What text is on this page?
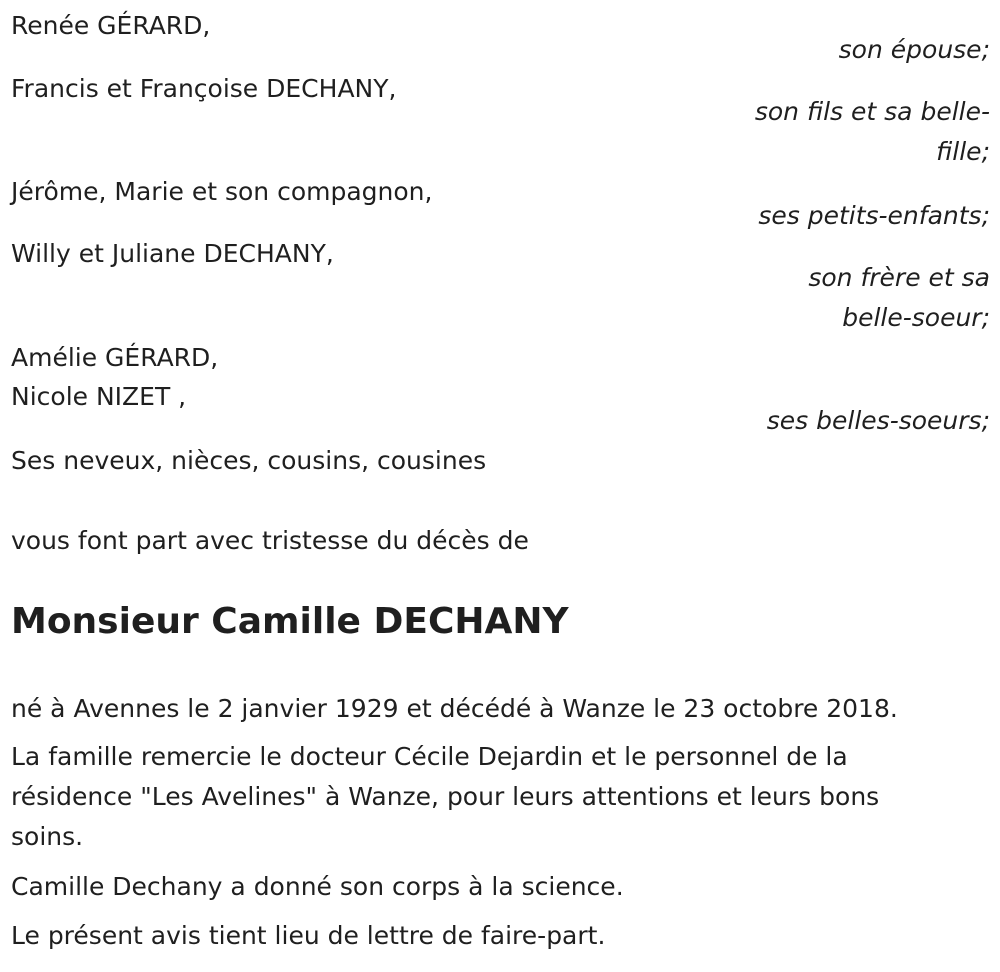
Renée GÉRARD,
son épouse;
Francis et Françoise DECHANY,
son fils et sa belle-
fille;
Jérôme, Marie et son compagnon,
ses petits-enfants;
Willy et Juliane DECHANY,
son frère et sa
belle-soeur;
Amélie GÉRARD,
Nicole NIZET ,
ses belles-soeurs;
Ses neveux, nièces, cousins, cousines
vous font part avec tristesse du décès de
Monsieur Camille DECHANY
né à Avennes le 2 janvier 1929 et décédé à Wanze le 23 octobre 2018.
La famille remercie le docteur Cécile Dejardin et le personnel de la
résidence "Les Avelines" à Wanze, pour leurs attentions et leurs bons
soins.
Camille Dechany a donné son corps à la science.
Le présent avis tient lieu de lettre de faire-part.
